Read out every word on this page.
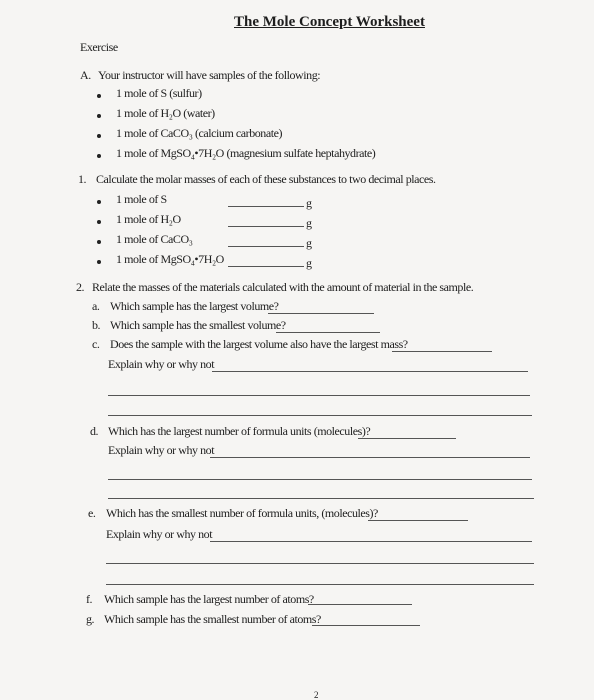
The Mole Concept Worksheet
Exercise
A. Your instructor will have samples of the following:
1 mole of S (sulfur)
1 mole of H₂O (water)
1 mole of CaCO₃ (calcium carbonate)
1 mole of MgSO₄•7H₂O (magnesium sulfate heptahydrate)
1. Calculate the molar masses of each of these substances to two decimal places.
1 mole of S	g
1 mole of H₂O	g
1 mole of CaCO₃	g
1 mole of MgSO₄•7H₂O	g
2. Relate the masses of the materials calculated with the amount of material in the sample.
a. Which sample has the largest volume?
b. Which sample has the smallest volume?
c. Does the sample with the largest volume also have the largest mass?
Explain why or why not
d. Which has the largest number of formula units (molecules)?
Explain why or why not
e. Which has the smallest number of formula units, (molecules)?
Explain why or why not
f. Which sample has the largest number of atoms?
g. Which sample has the smallest number of atoms?
2
